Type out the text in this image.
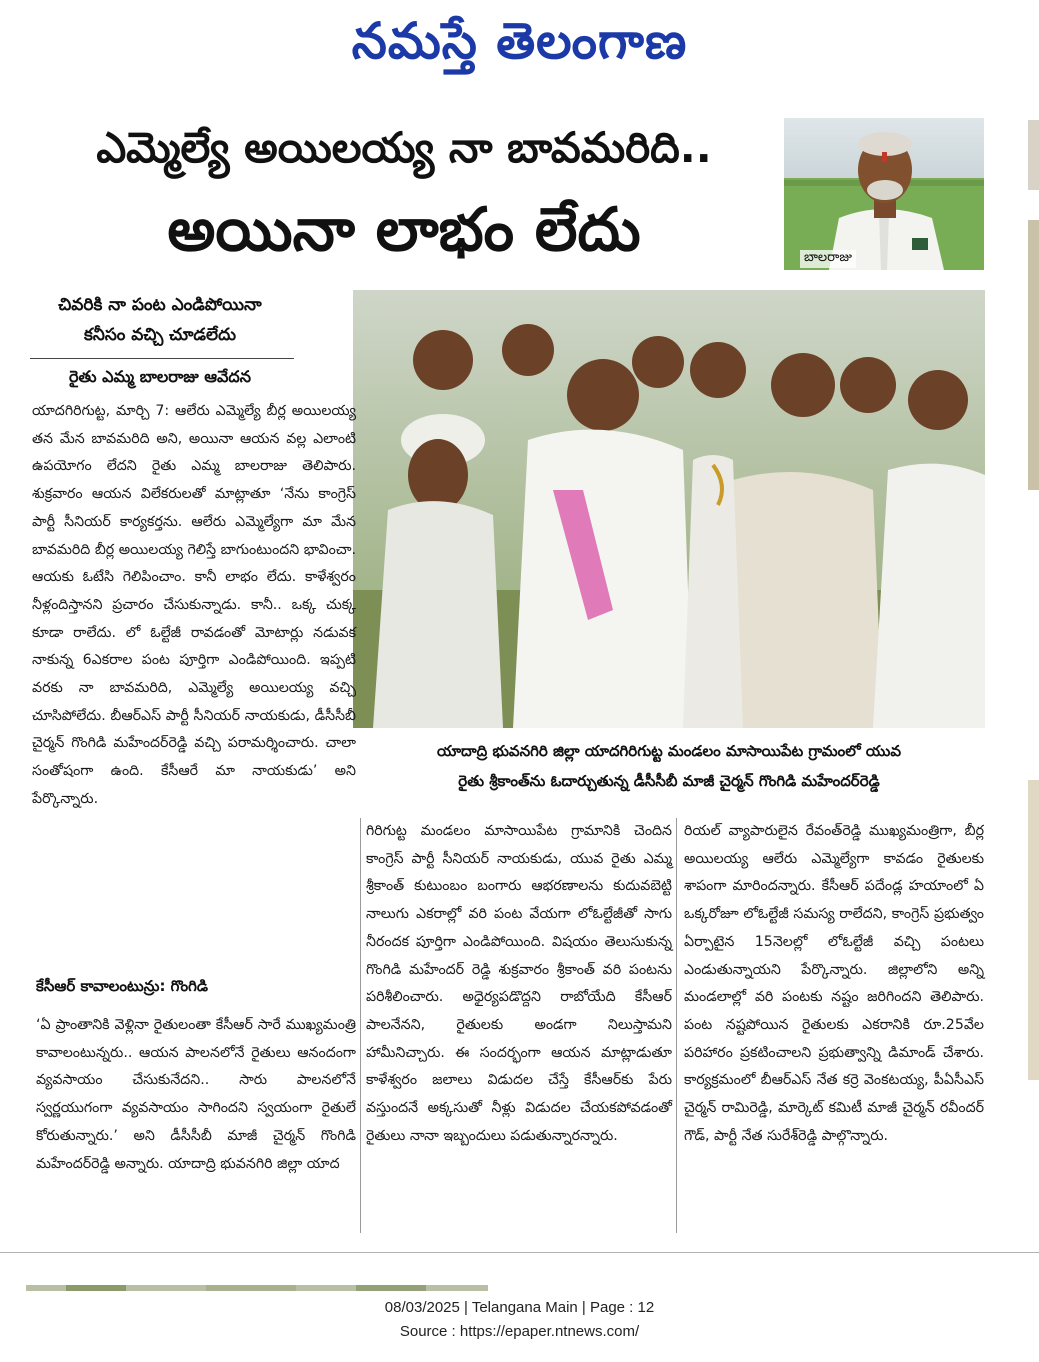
నమస్తే తెలంగాణ
ఎమ్మెల్యే అయిలయ్య నా బావమరిది..
అయినా లాభం లేదు	బాలరాజు
చివరికి నా పంట ఎండిపోయినా
కనీసం వచ్చి చూడలేదు
రైతు ఎమ్మ బాలరాజు ఆవేదన
యాదాద్రి భువనగిరి జిల్లా యాదగిరిగుట్ట మండలం మాసాయిపేట గ్రామంలో యువ
రైతు శ్రీకాంత్‌ను ఓదార్చుతున్న డీసీసీబీ మాజీ చైర్మన్ గొంగిడి మహేందర్‌రెడ్డి
యాదగిరిగుట్ట, మార్చి 7: ఆలేరు ఎమ్మెల్యే బీర్ల అయిలయ్య తన మేన బావమరిది అని, అయినా ఆయన వల్ల ఎలాంటి ఉపయోగం లేదని రైతు ఎమ్మ బాలరాజు తెలిపారు. శుక్రవారం ఆయన విలేకరులతో మాట్లాతూ ‘నేను కాంగ్రెస్ పార్టీ సీనియర్ కార్యకర్తను. ఆలేరు ఎమ్మెల్యేగా మా మేన బావమరిది బీర్ల అయిలయ్య గెలిస్తే బాగుంటుందని భావించా. ఆయకు ఓటేసి గెలిపించాం. కానీ లాభం లేదు. కాళేశ్వరం నీళ్లందిస్తానని ప్రచారం చేసుకున్నాడు. కానీ.. ఒక్క చుక్క కూడా రాలేదు. లో ఓల్టేజీ రావడంతో మోటార్లు నడువక నాకున్న 6ఎకరాల పంట పూర్తిగా ఎండిపోయింది. ఇప్పటి వరకు నా బావమరిది, ఎమ్మెల్యే అయిలయ్య వచ్చి చూసిపోలేదు. బీఆర్ఎస్ పార్టీ సీనియర్ నాయకుడు, డీసీసీబీ చైర్మన్ గొంగిడి మహేందర్‌రెడ్డి వచ్చి పరామర్శించారు. చాలా సంతోషంగా ఉంది. కేసీఆరే మా నాయకుడు’ అని పేర్కొన్నారు.
కేసీఆర్ కావాలంటున్రు: గొంగిడి
‘ఏ ప్రాంతానికి వెళ్లినా రైతులంతా కేసీఆర్ సారే ముఖ్యమంత్రి కావాలంటున్నరు.. ఆయన పాలనలోనే రైతులు ఆనందంగా వ్యవసాయం చేసుకునేదని.. సారు పాలనలోనే స్వర్ణయుగంగా వ్యవసాయం సాగిందని స్వయంగా రైతులే కోరుతున్నారు.’ అని డీసీసీబీ మాజీ చైర్మన్ గొంగిడి మహేందర్‌రెడ్డి అన్నారు. యాదాద్రి భువనగిరి జిల్లా యాద
గిరిగుట్ట మండలం మాసాయిపేట గ్రామానికి చెందిన కాంగ్రెస్ పార్టీ సీనియర్ నాయకుడు, యువ రైతు ఎమ్మ శ్రీకాంత్ కుటుంబం బంగారు ఆభరణాలను కుదువబెట్టి నాలుగు ఎకరాల్లో వరి పంట వేయగా లోఓల్టేజీతో సాగు నీరందక పూర్తిగా ఎండిపోయింది. విషయం తెలుసుకున్న గొంగిడి మహేందర్ రెడ్డి శుక్రవారం శ్రీకాంత్ వరి పంటను పరిశీలించారు. అధైర్యపడొద్దని రాబోయేది కేసీఆర్ పాలనేనని, రైతులకు అండగా నిలుస్తామని హామీనిచ్చారు. ఈ సందర్భంగా ఆయన మాట్లాడుతూ కాళేశ్వరం జలాలు విడుదల చేస్తే కేసీఆర్‌కు పేరు వస్తుందనే అక్కసుతో నీళ్లు విడుదల చేయకపోవడంతో రైతులు నానా ఇబ్బందులు పడుతున్నారన్నారు.
రియల్ వ్యాపారులైన రేవంత్‌రెడ్డి ముఖ్యమంత్రిగా, బీర్ల అయిలయ్య ఆలేరు ఎమ్మెల్యేగా కావడం రైతులకు శాపంగా మారిందన్నారు. కేసీఆర్ పదేండ్ల హయాంలో ఏ ఒక్కరోజూ లోఓల్టేజీ సమస్య రాలేదని, కాంగ్రెస్ ప్రభుత్వం ఏర్పాటైన 15నెలల్లో లోఓల్టేజీ వచ్చి పంటలు ఎండుతున్నాయని పేర్కొన్నారు. జిల్లాలోని అన్ని మండలాల్లో వరి పంటకు నష్టం జరిగిందని తెలిపారు. పంట నష్టపోయిన రైతులకు ఎకరానికి రూ.25వేల పరిహారం ప్రకటించాలని ప్రభుత్వాన్ని డిమాండ్ చేశారు. కార్యక్రమంలో బీఆర్ఎస్ నేత కర్రె వెంకటయ్య, పీఏసీఎస్ చైర్మన్ రామిరెడ్డి, మార్కెట్ కమిటీ మాజీ చైర్మన్ రవీందర్ గౌడ్, పార్టీ నేత సురేశ్‌రెడ్డి పాల్గొన్నారు.
08/03/2025 | Telangana Main | Page : 12
Source : https://epaper.ntnews.com/
